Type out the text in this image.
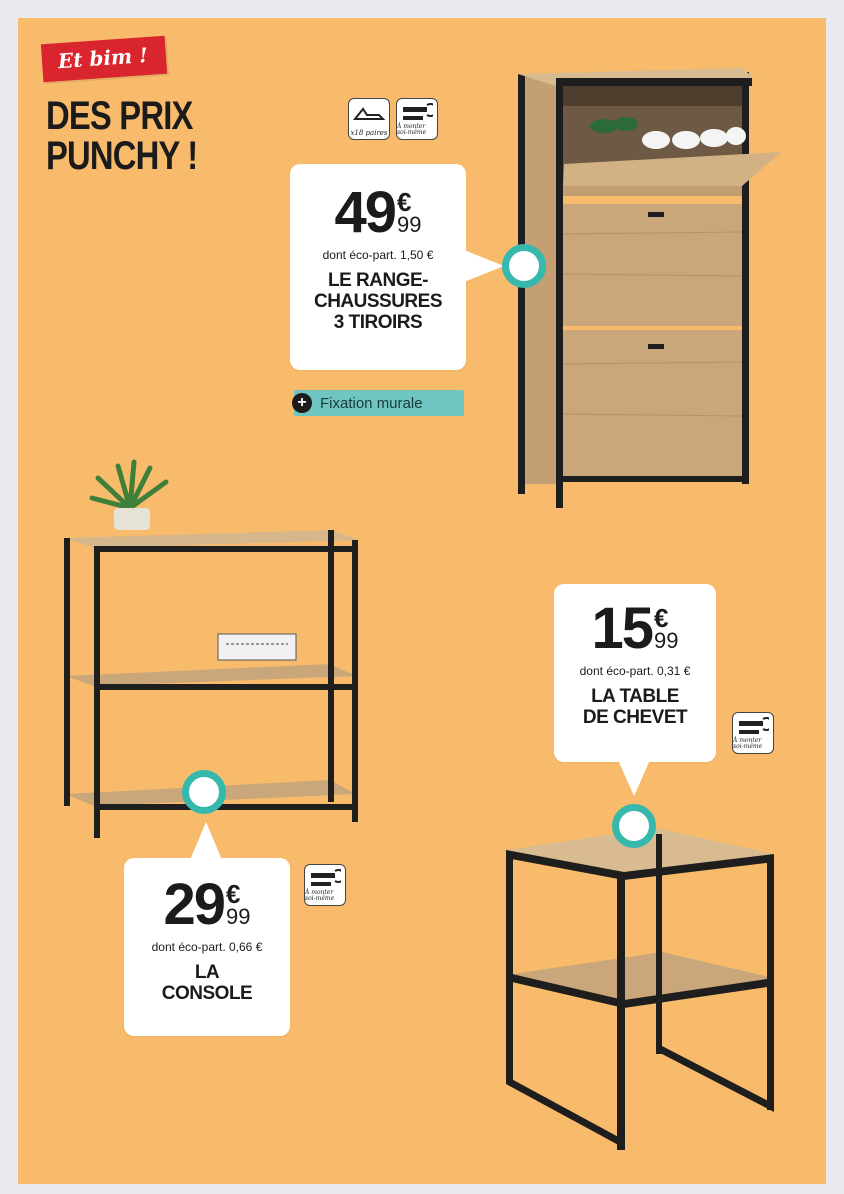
Et bim !
DES PRIX
PUNCHY !
49 €
99
dont éco-part. 1,50 €
LE RANGE-
CHAUSSURES
3 TIROIRS
x18 paires
À monter soi-même
+ Fixation murale
29 €
99
dont éco-part. 0,66 €
LA
CONSOLE
À monter soi-même
15 €
99
dont éco-part. 0,31 €
LA TABLE
DE CHEVET
À monter soi-même
